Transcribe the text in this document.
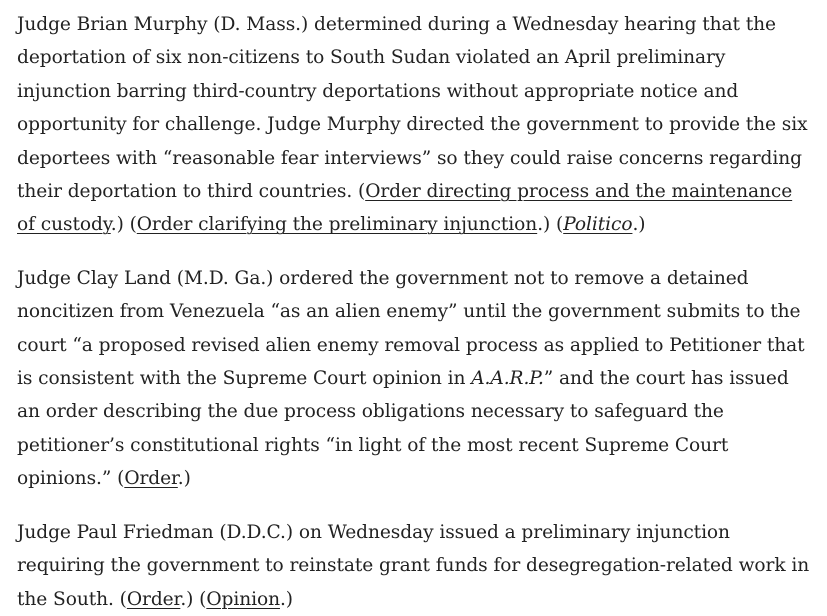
Judge Brian Murphy (D. Mass.) determined during a Wednesday hearing that the deportation of six non-citizens to South Sudan violated an April preliminary injunction barring third-country deportations without appropriate notice and opportunity for challenge. Judge Murphy directed the government to provide the six deportees with “reasonable fear interviews” so they could raise concerns regarding their deportation to third countries. (Order directing process and the maintenance of custody.) (Order clarifying the preliminary injunction.) (Politico.)

Judge Clay Land (M.D. Ga.) ordered the government not to remove a detained noncitizen from Venezuela “as an alien enemy” until the government submits to the court “a proposed revised alien enemy removal process as applied to Petitioner that is consistent with the Supreme Court opinion in A.A.R.P.” and the court has issued an order describing the due process obligations necessary to safeguard the petitioner’s constitutional rights “in light of the most recent Supreme Court opinions.” (Order.)

Judge Paul Friedman (D.D.C.) on Wednesday issued a preliminary injunction requiring the government to reinstate grant funds for desegregation-related work in the South. (Order.) (Opinion.)
